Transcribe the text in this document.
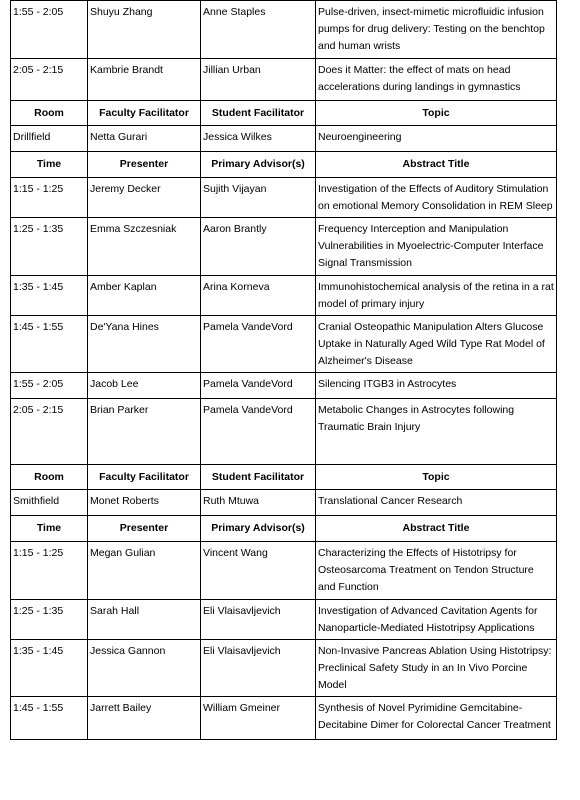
1:55 - 2:05	Shuyu Zhang	Anne Staples	Pulse-driven, insect-mimetic microfluidic infusion pumps for drug delivery: Testing on the benchtop and human wrists
2:05 - 2:15	Kambrie Brandt	Jillian Urban	Does it Matter: the effect of mats on head accelerations during landings in gymnastics
Room	Faculty Facilitator	Student Facilitator	Topic
Drillfield	Netta Gurari	Jessica Wilkes	Neuroengineering
Time	Presenter	Primary Advisor(s)	Abstract Title
1:15 - 1:25	Jeremy Decker	Sujith Vijayan	Investigation of the Effects of Auditory Stimulation on emotional Memory Consolidation in REM Sleep
1:25 - 1:35	Emma Szczesniak	Aaron Brantly	Frequency Interception and Manipulation Vulnerabilities in Myoelectric-Computer Interface Signal Transmission
1:35 - 1:45	Amber Kaplan	Arina Korneva	Immunohistochemical analysis of the retina in a rat model of primary injury
1:45 - 1:55	De'Yana Hines	Pamela VandeVord	Cranial Osteopathic Manipulation Alters Glucose Uptake in Naturally Aged Wild Type Rat Model of Alzheimer's Disease
1:55 - 2:05	Jacob Lee	Pamela VandeVord	Silencing ITGB3 in Astrocytes
2:05 - 2:15	Brian Parker	Pamela VandeVord	Metabolic Changes in Astrocytes following Traumatic Brain Injury
Room	Faculty Facilitator	Student Facilitator	Topic
Smithfield	Monet Roberts	Ruth Mtuwa	Translational Cancer Research
Time	Presenter	Primary Advisor(s)	Abstract Title
1:15 - 1:25	Megan Gulian	Vincent Wang	Characterizing the Effects of Histotripsy for Osteosarcoma Treatment on Tendon Structure and Function
1:25 - 1:35	Sarah Hall	Eli Vlaisavljevich	Investigation of Advanced Cavitation Agents for Nanoparticle-Mediated Histotripsy Applications
1:35 - 1:45	Jessica Gannon	Eli Vlaisavljevich	Non-Invasive Pancreas Ablation Using Histotripsy: Preclinical Safety Study in an In Vivo Porcine Model
1:45 - 1:55	Jarrett Bailey	William Gmeiner	Synthesis of Novel Pyrimidine Gemcitabine-Decitabine Dimer for Colorectal Cancer Treatment
